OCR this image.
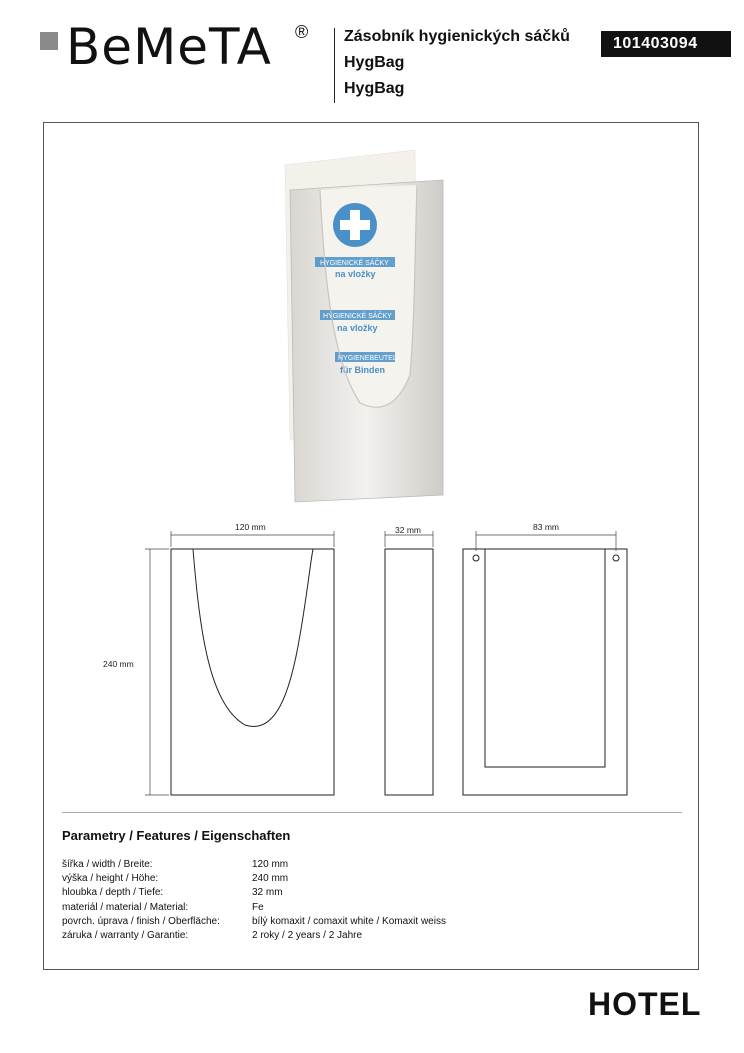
BeMeTA ® Zásobník hygienických sáčků
HygBag
HygBag
101403094
HYGIENICKÉ SÁČKY
na vložky
HYGIENICKÉ SÁČKY
na vložky
HYGIENEBEUTEL
für Binden
120 mm	32 mm	83 mm
240 mm
Parametry / Features / Eigenschaften
šířka / width / Breite:	120 mm
výška / height / Höhe:	240 mm
hloubka / depth / Tiefe:	32 mm
materiál / material / Material:	Fe
povrch. úprava / finish / Oberfläche:	bílý komaxit / comaxit white / Komaxit weiss
záruka / warranty / Garantie:	2 roky / 2 years / 2 Jahre
HOTEL
